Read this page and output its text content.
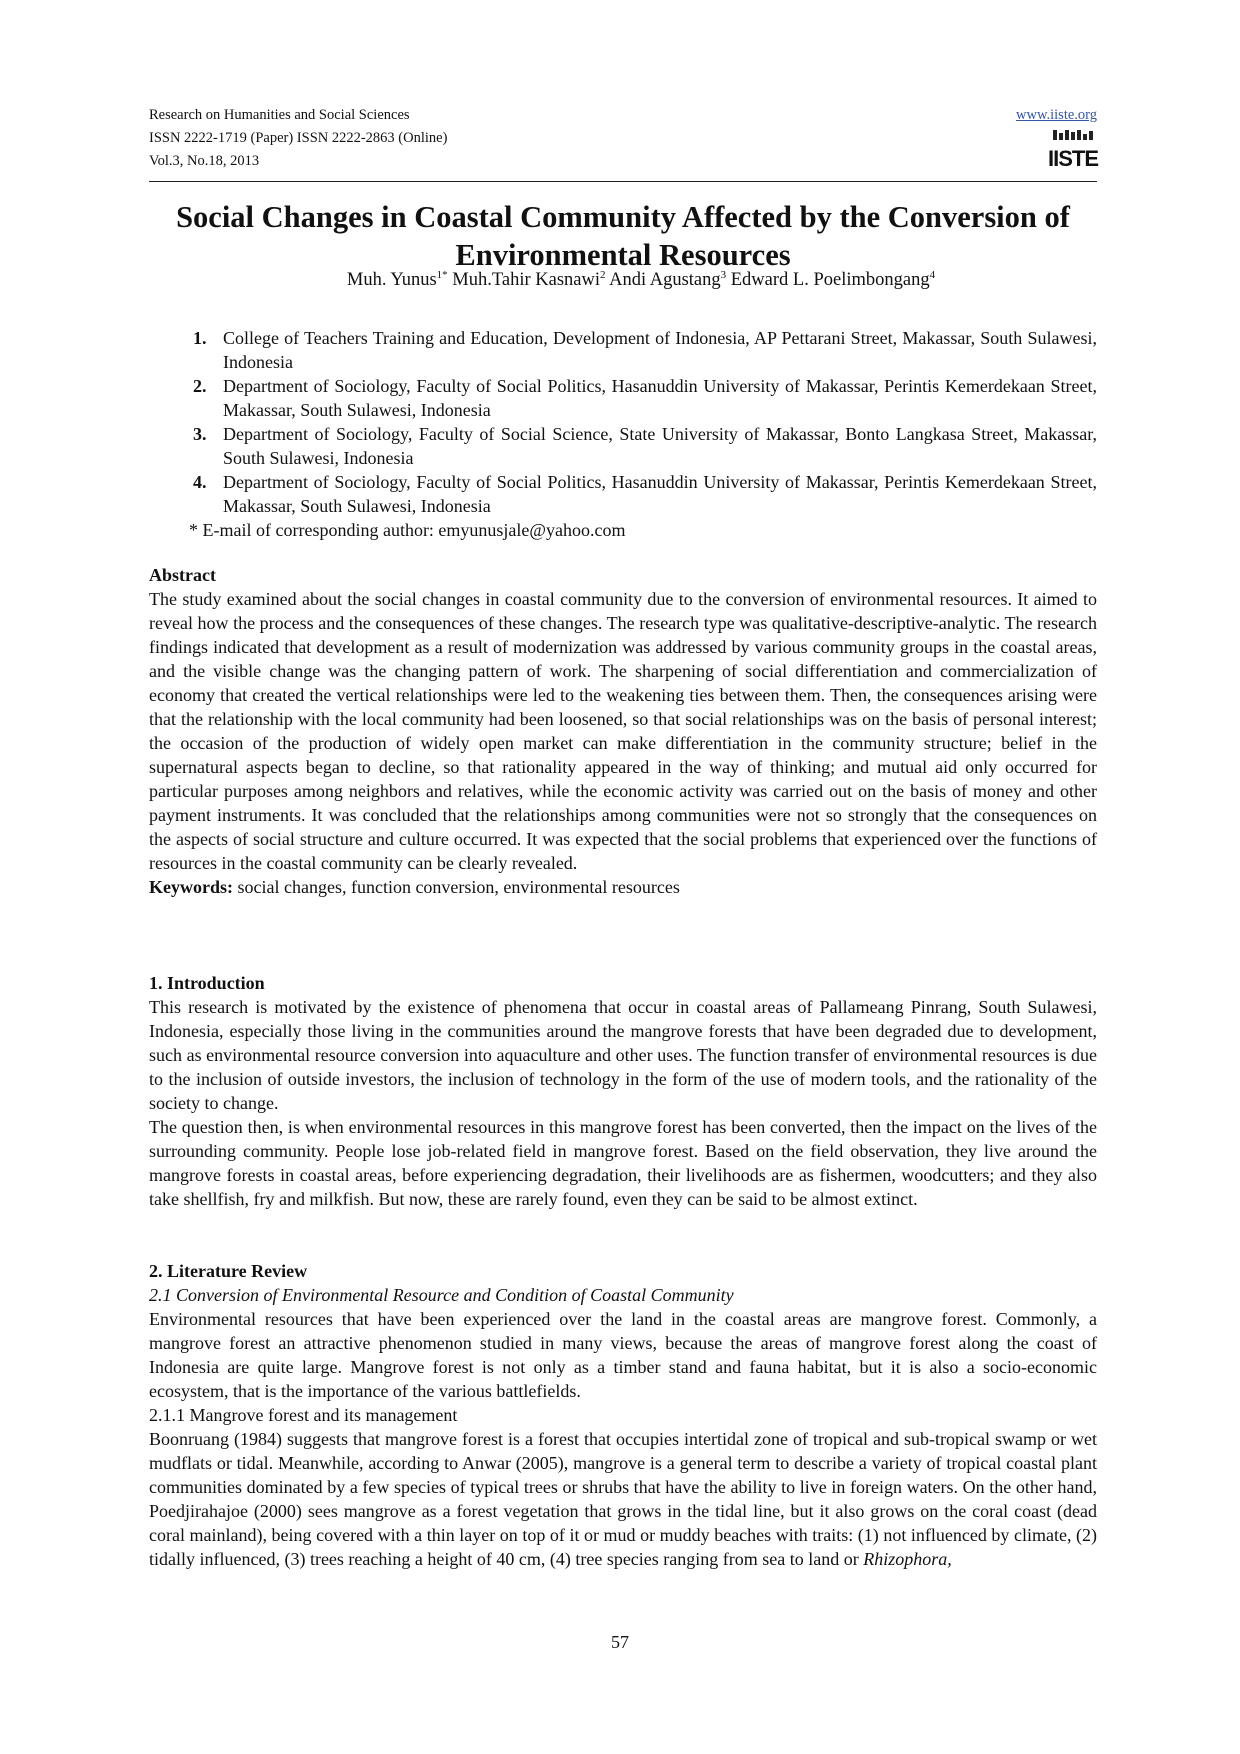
Research on Humanities and Social Sciences
ISSN 2222-1719 (Paper) ISSN 2222-2863 (Online)
Vol.3, No.18, 2013
www.iiste.org
IISTE
Social Changes in Coastal Community Affected by the Conversion of Environmental Resources
Muh. Yunus$^{1*}$ Muh.Tahir Kasnawi$^2$ Andi Agustang$^3$ Edward L. Poelimbongang$^4$
1. College of Teachers Training and Education, Development of Indonesia, AP Pettarani Street, Makassar, South Sulawesi, Indonesia
2. Department of Sociology, Faculty of Social Politics, Hasanuddin University of Makassar, Perintis Kemerdekaan Street, Makassar, South Sulawesi, Indonesia
3. Department of Sociology, Faculty of Social Science, State University of Makassar, Bonto Langkasa Street, Makassar, South Sulawesi, Indonesia
4. Department of Sociology, Faculty of Social Politics, Hasanuddin University of Makassar, Perintis Kemerdekaan Street, Makassar, South Sulawesi, Indonesia
* E-mail of corresponding author: emyunusjale@yahoo.com

Abstract

The study examined about the social changes in coastal community due to the conversion of environmental resources. It aimed to reveal how the process and the consequences of these changes. The research type was qualitative-descriptive-analytic. The research findings indicated that development as a result of modernization was addressed by various community groups in the coastal areas, and the visible change was the changing pattern of work. The sharpening of social differentiation and commercialization of economy that created the vertical relationships were led to the weakening ties between them. Then, the consequences arising were that the relationship with the local community had been loosened, so that social relationships was on the basis of personal interest; the occasion of the production of widely open market can make differentiation in the community structure; belief in the supernatural aspects began to decline, so that rationality appeared in the way of thinking; and mutual aid only occurred for particular purposes among neighbors and relatives, while the economic activity was carried out on the basis of money and other payment instruments. It was concluded that the relationships among communities were not so strongly that the consequences on the aspects of social structure and culture occurred. It was expected that the social problems that experienced over the functions of resources in the coastal community can be clearly revealed.

Keywords: social changes, function conversion, environmental resources

1. Introduction

This research is motivated by the existence of phenomena that occur in coastal areas of Pallameang Pinrang, South Sulawesi, Indonesia, especially those living in the communities around the mangrove forests that have been degraded due to development, such as environmental resource conversion into aquaculture and other uses. The function transfer of environmental resources is due to the inclusion of outside investors, the inclusion of technology in the form of the use of modern tools, and the rationality of the society to change.

The question then, is when environmental resources in this mangrove forest has been converted, then the impact on the lives of the surrounding community. People lose job-related field in mangrove forest. Based on the field observation, they live around the mangrove forests in coastal areas, before experiencing degradation, their livelihoods are as fishermen, woodcutters; and they also take shellfish, fry and milkfish. But now, these are rarely found, even they can be said to be almost extinct.

2. Literature Review

2.1 Conversion of Environmental Resource and Condition of Coastal Community

Environmental resources that have been experienced over the land in the coastal areas are mangrove forest. Commonly, a mangrove forest an attractive phenomenon studied in many views, because the areas of mangrove forest along the coast of Indonesia are quite large. Mangrove forest is not only as a timber stand and fauna habitat, but it is also a socio-economic ecosystem, that is the importance of the various battlefields.

2.1.1 Mangrove forest and its management

Boonruang (1984) suggests that mangrove forest is a forest that occupies intertidal zone of tropical and sub-tropical swamp or wet mudflats or tidal. Meanwhile, according to Anwar (2005), mangrove is a general term to describe a variety of tropical coastal plant communities dominated by a few species of typical trees or shrubs that have the ability to live in foreign waters. On the other hand, Poedjirahajoe (2000) sees mangrove as a forest vegetation that grows in the tidal line, but it also grows on the coral coast (dead coral mainland), being covered with a thin layer on top of it or mud or muddy beaches with traits: (1) not influenced by climate, (2) tidally influenced, (3) trees reaching a height of 40 cm, (4) tree species ranging from sea to land or Rhizophora,

57
